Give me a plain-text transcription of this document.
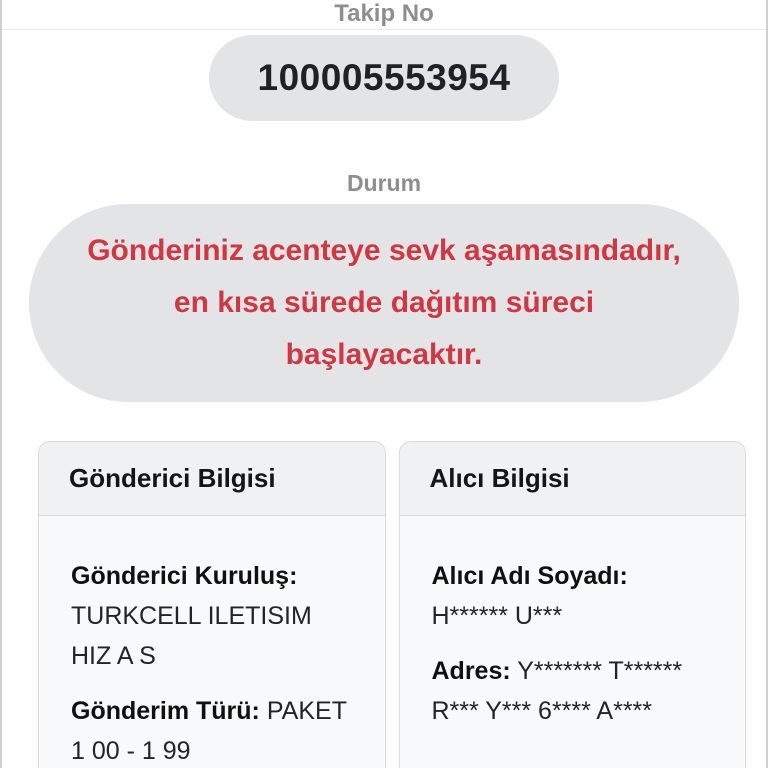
Takip No
100005553954
Durum
Gönderiniz acenteye sevk aşamasındadır,
en kısa sürede dağıtım süreci
başlayacaktır.
Gönderici Bilgisi

Gönderici Kuruluş:
TURKCELL ILETISIM HIZ A S

Gönderim Türü: PAKET 1 00 - 1 99

Alıcı Bilgisi

Alıcı Adı Soyadı:
H****** U***

Adres: Y******* T****** R*** Y*** 6**** A****
